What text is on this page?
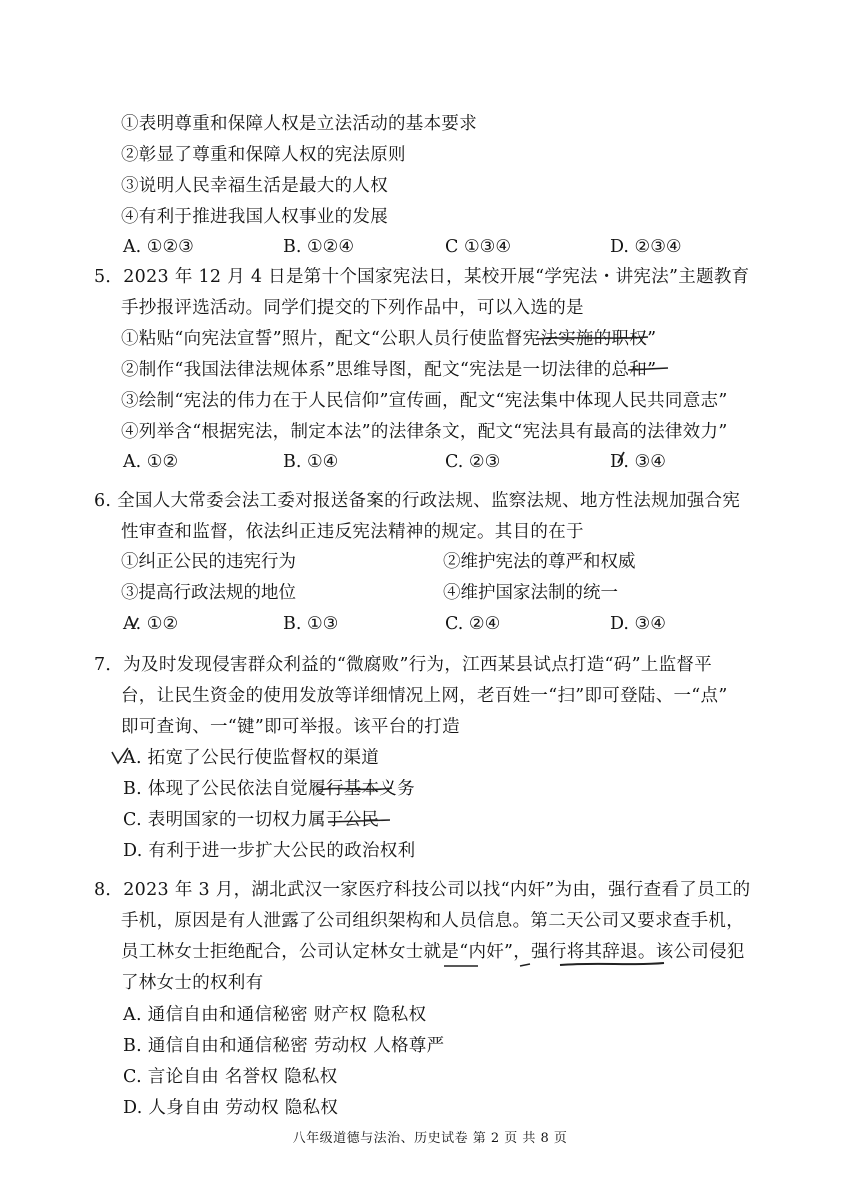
①表明尊重和保障人权是立法活动的基本要求
②彰显了尊重和保障人权的宪法原则
③说明人民幸福生活是最大的人权
④有利于推进我国人权事业的发展
A. ①②③	B. ①②④	C ①③④	D. ②③④
5．2023 年 12 月 4 日是第十个国家宪法日，某校开展“学宪法・讲宪法”主题教育
手抄报评选活动。同学们提交的下列作品中，可以入选的是
①粘贴“向宪法宣誓”照片，配文“公职人员行使监督宪法实施的职权”
②制作“我国法律法规体系”思维导图，配文“宪法是一切法律的总和”
③绘制“宪法的伟力在于人民信仰”宣传画，配文“宪法集中体现人民共同意志”
④列举含“根据宪法，制定本法”的法律条文，配文“宪法具有最高的法律效力”
A. ①②	B. ①④	C. ②③	D. ③④
6. 全国人大常委会法工委对报送备案的行政法规、监察法规、地方性法规加强合宪
性审查和监督，依法纠正违反宪法精神的规定。其目的在于
①纠正公民的违宪行为	②维护宪法的尊严和权威
③提高行政法规的地位	④维护国家法制的统一
A. ①②	B. ①③	C. ②④	D. ③④
7．为及时发现侵害群众利益的“微腐败”行为，江西某县试点打造“码”上监督平
台，让民生资金的使用发放等详细情况上网，老百姓一“扫”即可登陆、一“点”
即可查询、一“键”即可举报。该平台的打造
A. 拓宽了公民行使监督权的渠道
B. 体现了公民依法自觉履行基本义务
C. 表明国家的一切权力属于公民
D. 有利于进一步扩大公民的政治权利
8．2023 年 3 月，湖北武汉一家医疗科技公司以找“内奸”为由，强行查看了员工的
手机，原因是有人泄露了公司组织架构和人员信息。第二天公司又要求查手机，
员工林女士拒绝配合，公司认定林女士就是“内奸”，强行将其辞退。该公司侵犯
了林女士的权利有
A. 通信自由和通信秘密 财产权 隐私权
B. 通信自由和通信秘密 劳动权 人格尊严
C. 言论自由 名誉权 隐私权
D. 人身自由 劳动权 隐私权
八年级道德与法治、历史试卷 第 2 页 共 8 页
